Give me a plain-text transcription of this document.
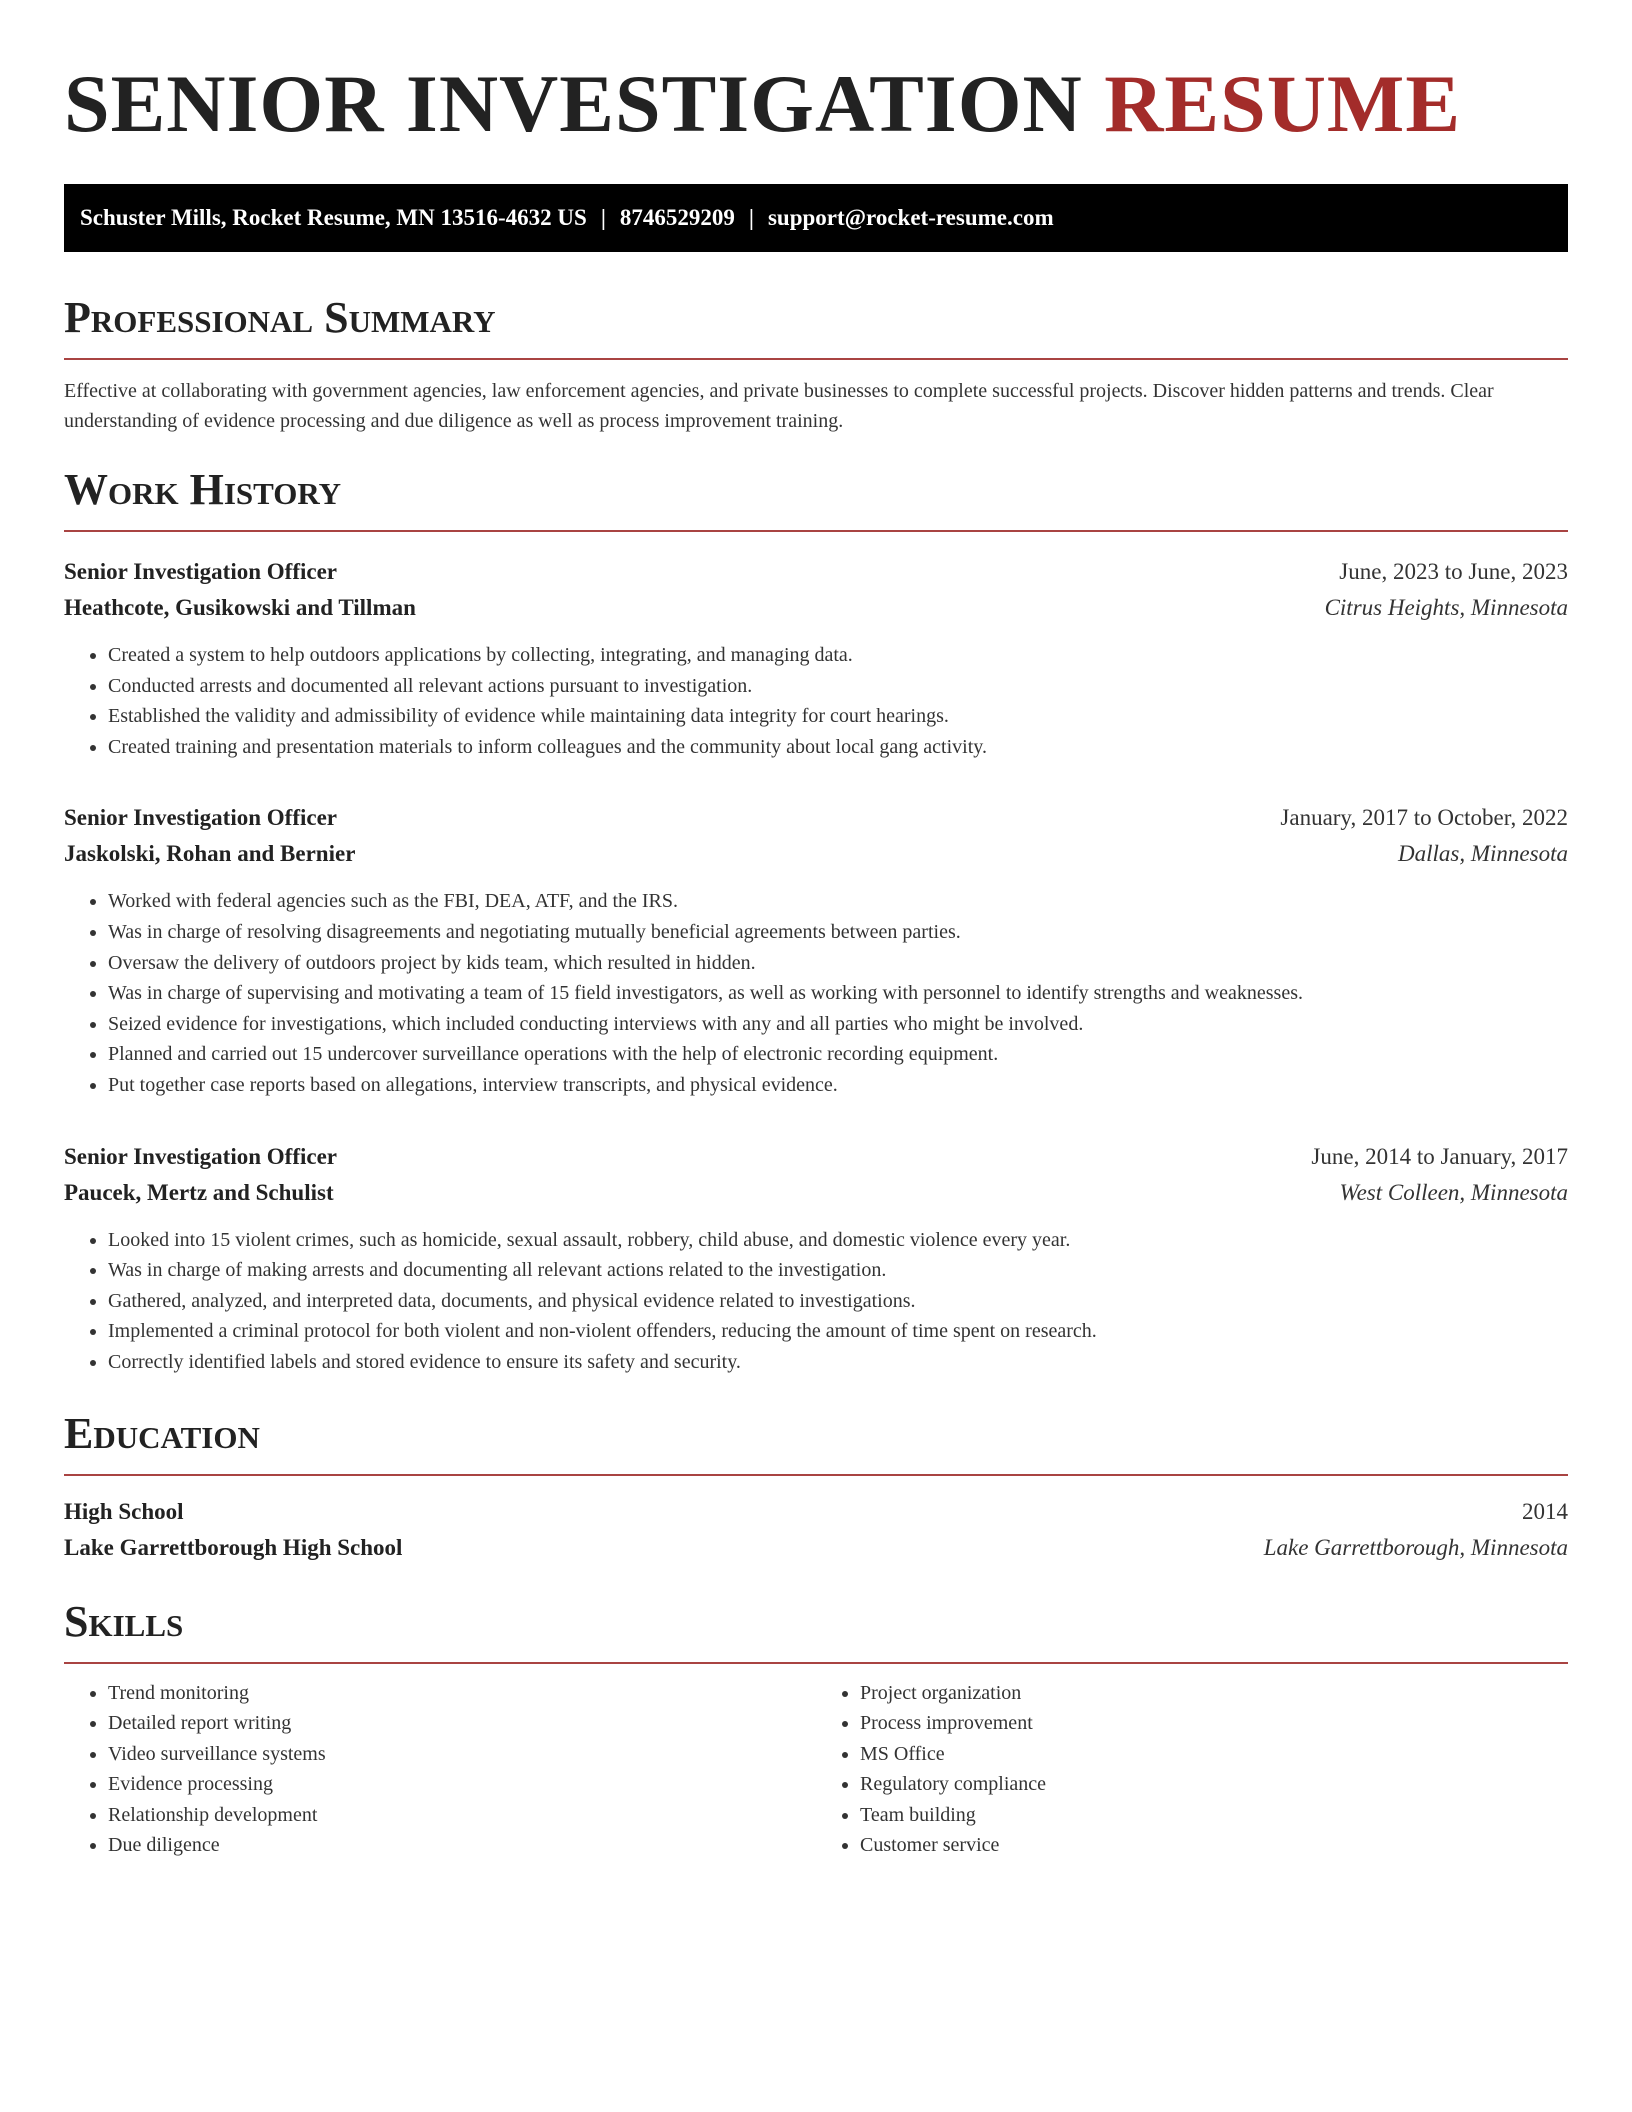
SENIOR INVESTIGATION RESUME
Schuster Mills, Rocket Resume, MN 13516-4632 US | 8746529209 | support@rocket-resume.com
Professional Summary

Effective at collaborating with government agencies, law enforcement agencies, and private businesses to complete successful projects. Discover hidden patterns and trends. Clear understanding of evidence processing and due diligence as well as process improvement training.

Work History
Senior Investigation Officer	June, 2023 to June, 2023
Heathcote, Gusikowski and Tillman	Citrus Heights, Minnesota
• Created a system to help outdoors applications by collecting, integrating, and managing data.
• Conducted arrests and documented all relevant actions pursuant to investigation.
• Established the validity and admissibility of evidence while maintaining data integrity for court hearings.
• Created training and presentation materials to inform colleagues and the community about local gang activity.
Senior Investigation Officer	January, 2017 to October, 2022
Jaskolski, Rohan and Bernier	Dallas, Minnesota
• Worked with federal agencies such as the FBI, DEA, ATF, and the IRS.
• Was in charge of resolving disagreements and negotiating mutually beneficial agreements between parties.
• Oversaw the delivery of outdoors project by kids team, which resulted in hidden.
• Was in charge of supervising and motivating a team of 15 field investigators, as well as working with personnel to identify strengths and weaknesses.
• Seized evidence for investigations, which included conducting interviews with any and all parties who might be involved.
• Planned and carried out 15 undercover surveillance operations with the help of electronic recording equipment.
• Put together case reports based on allegations, interview transcripts, and physical evidence.
Senior Investigation Officer	June, 2014 to January, 2017
Paucek, Mertz and Schulist	West Colleen, Minnesota
• Looked into 15 violent crimes, such as homicide, sexual assault, robbery, child abuse, and domestic violence every year.
• Was in charge of making arrests and documenting all relevant actions related to the investigation.
• Gathered, analyzed, and interpreted data, documents, and physical evidence related to investigations.
• Implemented a criminal protocol for both violent and non-violent offenders, reducing the amount of time spent on research.
• Correctly identified labels and stored evidence to ensure its safety and security.
Education
High School	2014
Lake Garrettborough High School	Lake Garrettborough, Minnesota
Skills
• Trend monitoring
• Detailed report writing
• Video surveillance systems
• Evidence processing
• Relationship development
• Due diligence
• Project organization
• Process improvement
• MS Office
• Regulatory compliance
• Team building
• Customer service
